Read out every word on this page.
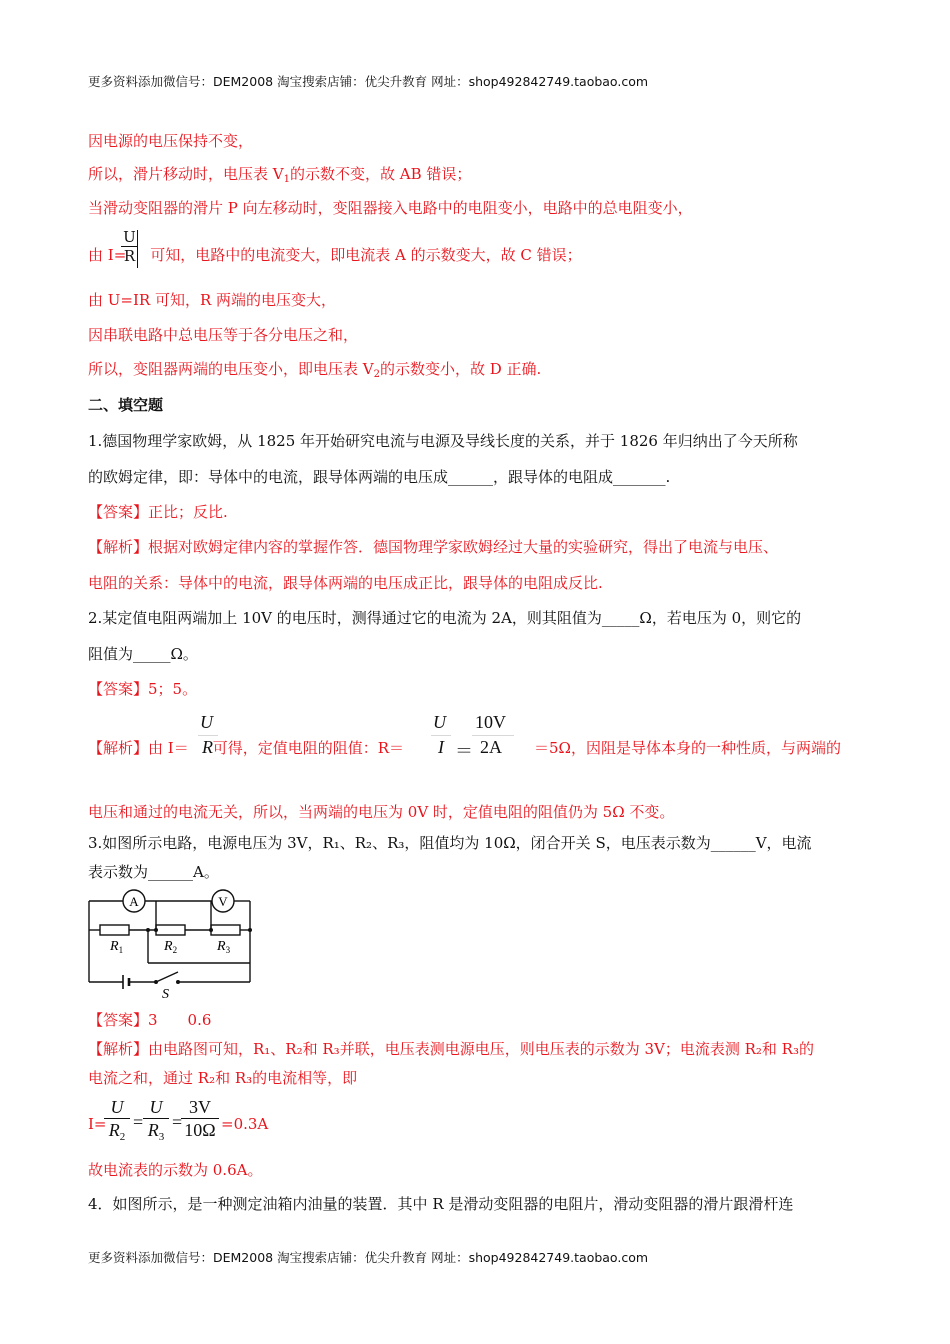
更多资料添加微信号：DEM2008 淘宝搜索店铺：优尖升教育 网址：shop492842749.taobao.com
因电源的电压保持不变，
所以，滑片移动时，电压表 $V_1$的示数不变，故 AB 错误；
当滑动变阻器的滑片 P 向左移动时，变阻器接入电路中的电阻变小，电路中的总电阻变小，
由 I= 可知，电路中的电流变大，即电流表 A 的示数变大，故 C 错误；
U
R
由 U=IR 可知，R 两端的电压变大，
因串联电路中总电压等于各分电压之和，
所以，变阻器两端的电压变小，即电压表 $V_2$的示数变小，故 D 正确.
二、填空题
1.德国物理学家欧姆，从 1825 年开始研究电流与电源及导线长度的关系，并于 1826 年归纳出了今天所称
的欧姆定律，即：导体中的电流，跟导体两端的电压成______，跟导体的电阻成_______.
【答案】正比；反比.
【解析】根据对欧姆定律内容的掌握作答．德国物理学家欧姆经过大量的实验研究，得出了电流与电压、
电阻的关系：导体中的电流，跟导体两端的电压成正比，跟导体的电阻成反比.
2.某定值电阻两端加上 10V 的电压时，测得通过它的电流为 2A，则其阻值为_____Ω，若电压为 0，则它的
阻值为_____Ω。
【答案】5；5。
【解析】由 I＝ 可得，定值电阻的阻值：R＝	＝5Ω，因阻是导体本身的一种性质，与两端的
U
R
U
I ＝
10V
2A
电压和通过的电流无关，所以，当两端的电压为 0V 时，定值电阻的阻值仍为 5Ω 不变。
3.如图所示电路，电源电压为 3V，R₁、R₂、R₃，阻值均为 10Ω，闭合开关 S，电压表示数为______V，电流
表示数为______A。
A	V
$R_1$	$R_2$	$R_3$
S
【答案】3　　0.6
【解析】由电路图可知，R₁、R₂和 R₃并联，电压表测电源电压，则电压表的示数为 3V；电流表测 R₂和 R₃的
电流之和，通过 R₂和 R₃的电流相等，即
I=
U
$R_2$
=
U
$R_3$
=
3V
10Ω =0.3A
故电流表的示数为 0.6A。
4．如图所示，是一种测定油箱内油量的装置．其中 R 是滑动变阻器的电阻片，滑动变阻器的滑片跟滑杆连
更多资料添加微信号：DEM2008 淘宝搜索店铺：优尖升教育 网址：shop492842749.taobao.com
